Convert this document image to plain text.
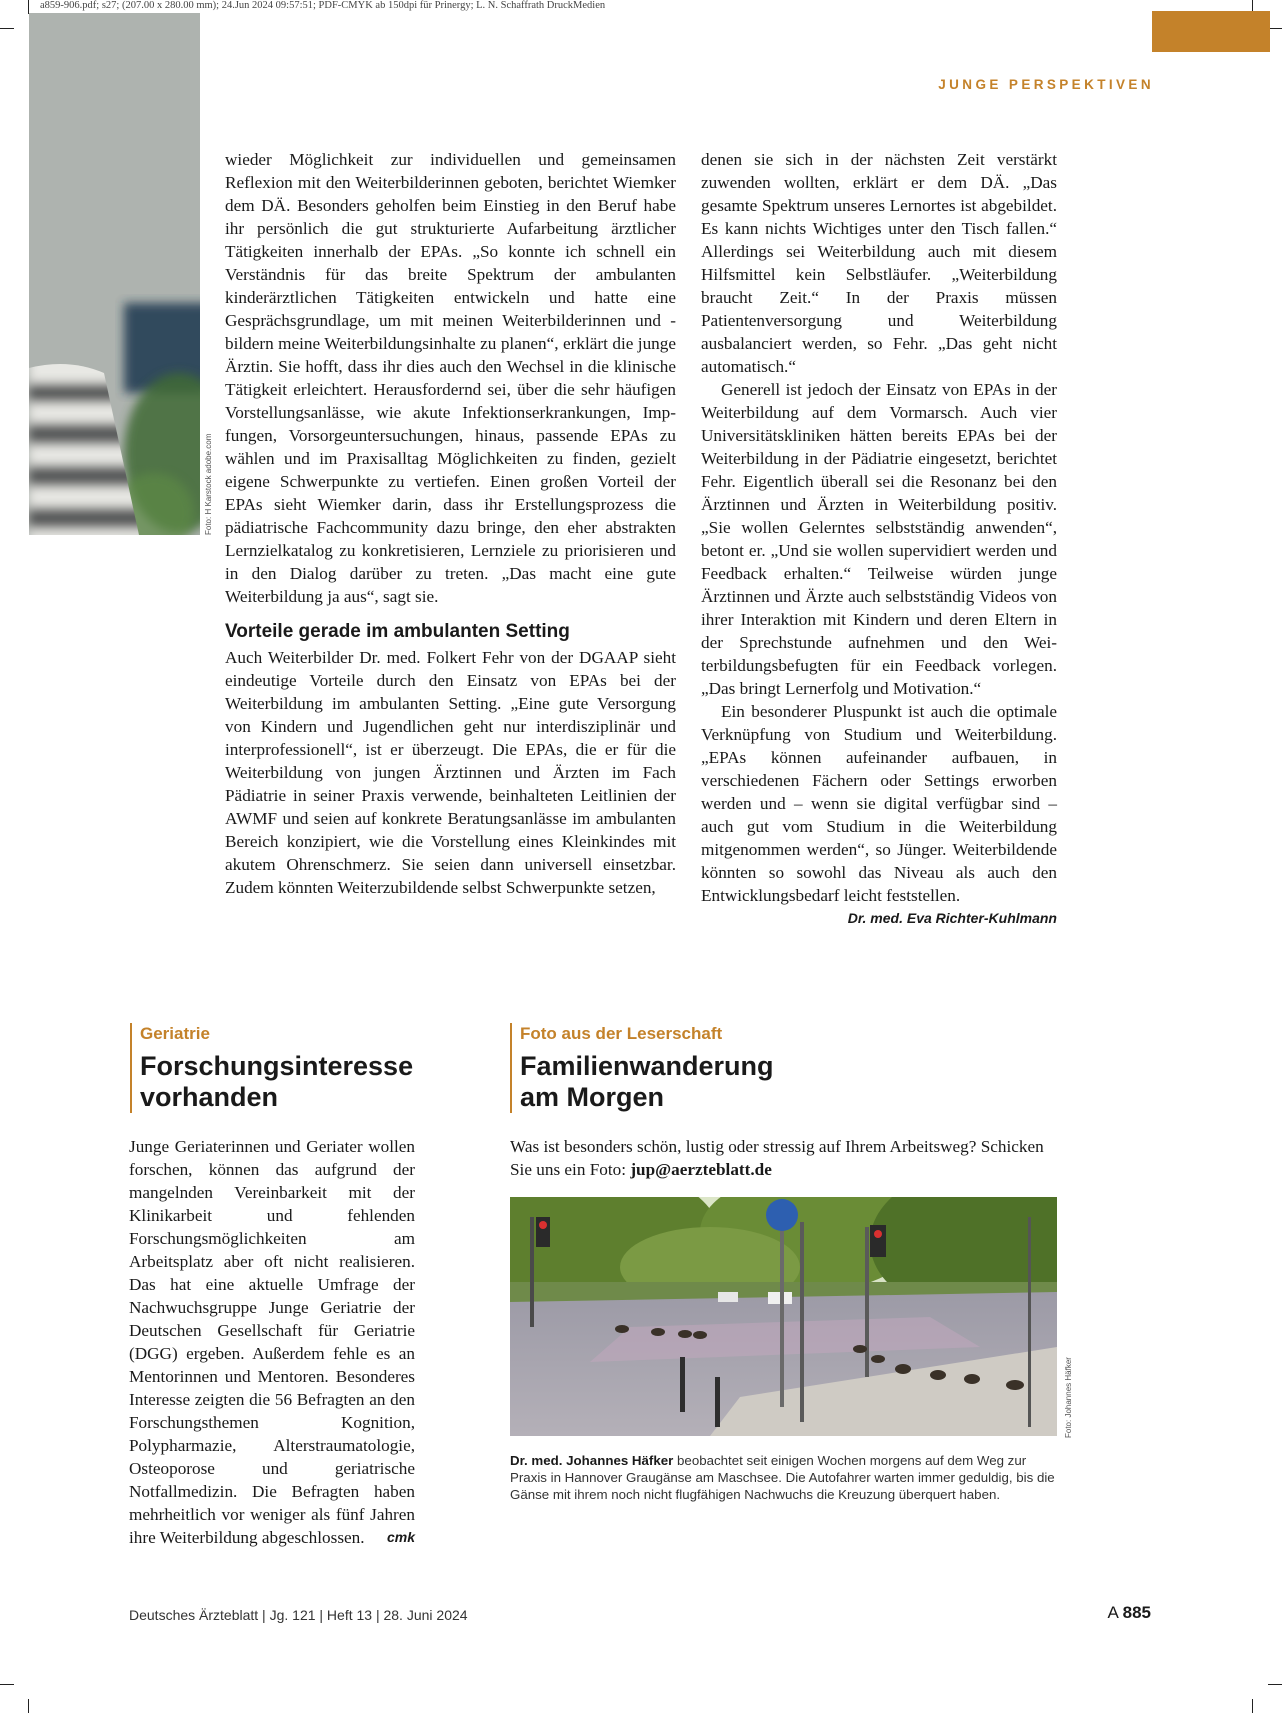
a859-906.pdf; s27; (207.00 x 280.00 mm); 24.Jun 2024 09:57:51; PDF-CMYK ab 150dpi für Prinergy; L. N. Schaffrath DruckMedien
JUNGE PERSPEKTIVEN
Foto: H Karstock adobe.com

wieder Möglichkeit zur individuellen und gemeinsamen Reflexion mit den Weiterbilderinnen geboten, berichtet Wiemker dem DÄ. Besonders geholfen beim Einstieg in den Beruf habe ihr persönlich die gut strukturierte Aufarbeitung ärztlicher Tätigkeiten innerhalb der EPAs. „So konnte ich schnell ein Verständnis für das breite Spektrum der ambulanten kinderärztlichen Tätigkeiten entwickeln und hatte eine Gesprächsgrundlage, um mit meinen Weiterbilderinnen und -bildern meine Weiterbildungsinhalte zu planen“, erklärt die junge Ärztin. Sie hofft, dass ihr dies auch den Wechsel in die klinische Tätigkeit erleichtert. Herausfordernd sei, über die sehr häufigen Vorstellungsanlässe, wie akute Infektionserkrankungen, Impfungen, Vorsorgeuntersuchungen, hinaus, passende EPAs zu wählen und im Praxisalltag Möglichkeiten zu finden, gezielt eigene Schwerpunkte zu vertiefen. Einen großen Vorteil der EPAs sieht Wiemker darin, dass ihr Erstellungsprozess die pädiatrische Fachcommunity dazu bringe, den eher abstrakten Lernzielkatalog zu konkretisieren, Lernziele zu priorisieren und in den Dialog darüber zu treten. „Das macht eine gute Weiterbildung ja aus“, sagt sie.

Vorteile gerade im ambulanten Setting

Auch Weiterbilder Dr. med. Folkert Fehr von der DGAAP sieht eindeutige Vorteile durch den Einsatz von EPAs bei der Weiterbildung im ambulanten Setting. „Eine gute Versorgung von Kindern und Jugendlichen geht nur interdisziplinär und interprofessionell“, ist er überzeugt. Die EPAs, die er für die Weiterbildung von jungen Ärztinnen und Ärzten im Fach Pädiatrie in seiner Praxis verwende, beinhalteten Leitlinien der AWMF und seien auf konkrete Beratungsanlässe im ambulanten Bereich konzipiert, wie die Vorstellung eines Kleinkindes mit akutem Ohrenschmerz. Sie seien dann universell einsetzbar. Zudem könnten Weiterzubildende selbst Schwerpunkte setzen,

denen sie sich in der nächsten Zeit verstärkt zuwenden wollten, erklärt er dem DÄ. „Das gesamte Spektrum unseres Lernortes ist abgebildet. Es kann nichts Wichtiges unter den Tisch fallen.“ Allerdings sei Weiterbildung auch mit diesem Hilfsmittel kein Selbstläufer. „Weiterbildung braucht Zeit.“ In der Praxis müssen Patientenversorgung und Weiterbildung ausbalanciert werden, so Fehr. „Das geht nicht automatisch.“

Generell ist jedoch der Einsatz von EPAs in der Weiterbildung auf dem Vormarsch. Auch vier Universitätskliniken hätten bereits EPAs bei der Weiterbildung in der Pädiatrie eingesetzt, berichtet Fehr. Eigentlich überall sei die Resonanz bei den Ärztinnen und Ärzten in Weiterbildung positiv. „Sie wollen Gelerntes selbstständig anwenden“, betont er. „Und sie wollen supervidiert werden und Feedback erhalten.“ Teilweise würden junge Ärztinnen und Ärzte auch selbstständig Videos von ihrer Interaktion mit Kindern und deren Eltern in der Sprechstunde aufnehmen und den Weiterbildungsbefugten für ein Feedback vorlegen. „Das bringt Lernerfolg und Motivation.“

Ein besonderer Pluspunkt ist auch die optimale Verknüpfung von Studium und Weiterbildung. „EPAs können aufeinander aufbauen, in verschiedenen Fächern oder Settings erworben werden und – wenn sie digital verfügbar sind – auch gut vom Studium in die Weiterbildung mitgenommen werden“, so Jünger. Weiterbildende könnten so sowohl das Niveau als auch den Entwicklungsbedarf leicht feststellen.
Dr. med. Eva Richter-Kuhlmann

Geriatrie
Forschungsinteresse
vorhanden

Junge Geriaterinnen und Geriater wollen forschen, können das aufgrund der mangelnden Vereinbarkeit mit der Klinikarbeit und fehlenden Forschungsmöglichkeiten am Arbeitsplatz aber oft nicht realisieren. Das hat eine aktuelle Umfrage der Nachwuchsgruppe Junge Geriatrie der Deutschen Gesellschaft für Geriatrie (DGG) ergeben. Außerdem fehle es an Mentorinnen und Mentoren. Besonderes Interesse zeigten die 56 Befragten an den Forschungsthemen Kognition, Polypharmazie, Alterstraumatologie, Osteoporose und geriatrische Notfallmedizin. Die Befragten haben mehrheitlich vor weniger als fünf Jahren ihre Weiterbildung abgeschlossen. cmk

Foto aus der Leserschaft
Familienwanderung
am Morgen
Was ist besonders schön, lustig oder stressig auf Ihrem Arbeitsweg? Schicken Sie uns ein Foto: jup@aerzteblatt.de
Foto: Johannes Häfker
Dr. med. Johannes Häfker beobachtet seit einigen Wochen morgens auf dem Weg zur Praxis in Hannover Graugänse am Maschsee. Die Autofahrer warten immer geduldig, bis die Gänse mit ihrem noch nicht flugfähigen Nachwuchs die Kreuzung überquert haben.
Deutsches Ärzteblatt | Jg. 121 | Heft 13 | 28. Juni 2024	A 885
